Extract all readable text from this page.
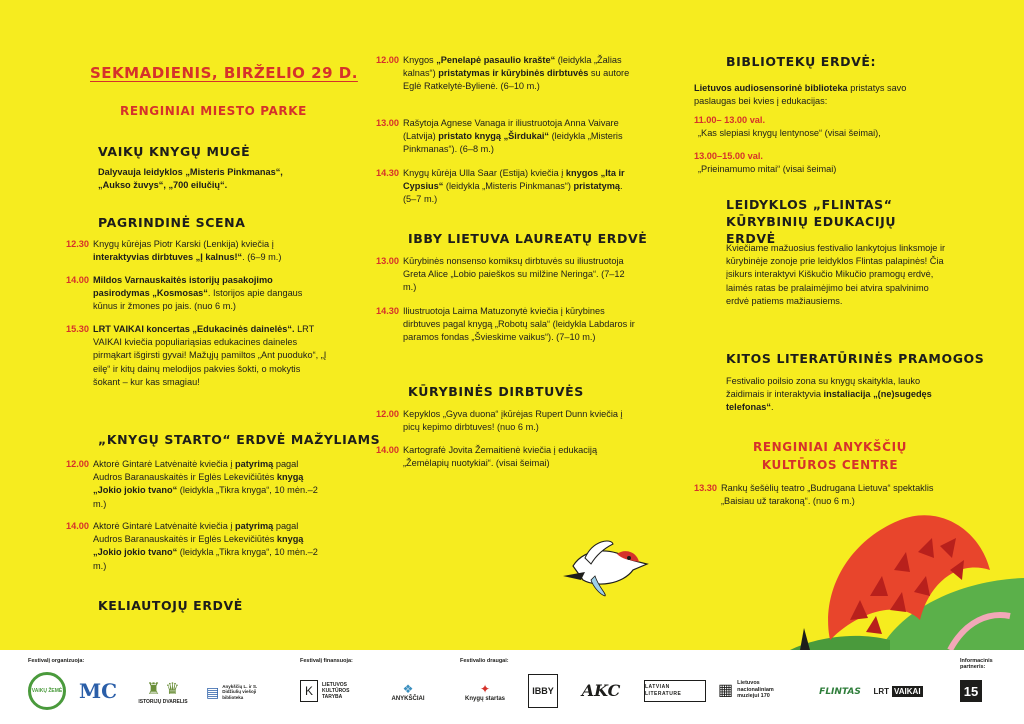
SEKMADIENIS, BIRŽELIO 29 D.
RENGINIAI MIESTO PARKE
VAIKŲ KNYGŲ MUGĖ
Dalyvauja leidyklos „Misteris Pinkmanas“, „Aukso žuvys“, „700 eilučių“.
PAGRINDINĖ SCENA
12.30 Knygų kūrėjas Piotr Karski (Lenkija) kviečia į interaktyvias dirbtuves „Į kalnus!“. (6–9 m.)
14.00 Mildos Varnauskaitės istorijų pasakojimo pasirodymas „Kosmosas“. Istorijos apie dangaus kūnus ir žmones po jais. (nuo 6 m.)
15.30 LRT VAIKAI koncertas „Edukacinės dainelės“. LRT VAIKAI kviečia populiariąsias edukacines daineles pirmąkart išgirsti gyvai! Mažųjų pamiltos „Ant puoduko“, „Į eilę“ ir kitų dainų melodijos pakvies šokti, o mokytis šokant – kur kas smagiau!
„KNYGŲ STARTO“ ERDVĖ MAŽYLIAMS
12.00 Aktorė Gintarė Latvėnaitė kviečia į patyrimą pagal Audros Baranauskaitės ir Eglės Lekevičiūtės knygą „Jokio jokio tvano“ (leidykla „Tikra knyga“, 10 mėn.–2 m.)
14.00 Aktorė Gintarė Latvėnaitė kviečia į patyrimą pagal Audros Baranauskaitės ir Eglės Lekevičiūtės knygą „Jokio jokio tvano“ (leidykla „Tikra knyga“, 10 mėn.–2 m.)
KELIAUTOJŲ ERDVĖ
12.00 Knygos „Penelapė pasaulio krašte“ (leidykla „Žalias kalnas“) pristatymas ir kūrybinės dirbtuvės su autore Eglė Ratkelytė-Bylienė. (6–10 m.)
13.00 Rašytoja Agnese Vanaga ir iliustruotoja Anna Vaivare (Latvija) pristato knygą „Širdukai“ (leidykla „Misteris Pinkmanas“). (6–8 m.)
14.30 Knygų kūrėja Ulla Saar (Estija) kviečia į knygos „Ita ir Cypsius“ (leidykla „Misteris Pinkmanas“) pristatymą. (5–7 m.)
IBBY LIETUVA LAUREATŲ ERDVĖ
13.00 Kūrybinės nonsenso komiksų dirbtuvės su iliustruotoja Greta Alice „Lobio paieškos su milžine Neringa“. (7–12 m.)
14.30 Iliustruotoja Laima Matuzonytė kviečia į kūrybines dirbtuves pagal knygą „Robotų sala“ (leidykla Labdaros ir paramos fondas „Švieskime vaikus“). (7–10 m.)
KŪRYBINĖS DIRBTUVĖS
12.00 Kepyklos „Gyva duona“ įkūrėjas Rupert Dunn kviečia į picų kepimo dirbtuves! (nuo 6 m.)
14.00 Kartografė Jovita Žemaitienė kviečia į edukaciją „Žemėlapių nuotykiai“. (visai šeimai)
BIBLIOTEKŲ ERDVĖ:
Lietuvos audiosensorinė biblioteka pristatys savo paslaugas bei kvies į edukacijas:
11.00– 13.00 val.
„Kas slepiasi knygų lentynose“ (visai šeimai),
13.00–15.00 val.
„Prieinamumo mitai“ (visai šeimai)
LEIDYKLOS „FLINTAS“ KŪRYBINIŲ EDUKACIJŲ ERDVĖ
Kviečiame mažuosius festivalio lankytojus linksmoje ir kūrybinėje zonoje prie leidyklos Flintas palapinės! Čia įsikurs interaktyvi Kiškučio Mikučio pramogų erdvė, laimės ratas be pralaimėjimo bei atvira spalvinimo erdvė patiems mažiausiems.
KITOS LITERATŪRINĖS PRAMOGOS
Festivalio poilsio zona su knygų skaitykla, lauko žaidimais ir interaktyvia instaliacija „(ne)sugedęs telefonas“.
RENGINIAI ANYKŠČIŲ KULTŪROS CENTRE
13.30 Rankų šešėlių teatro „Budrugana Lietuva“ spektaklis „Baisiau už tarakoną“. (nuo 6 m.)
Festivalį organizuoja:	Festivalį finansuoja:	Festivalio draugai:	Informacinis partneris:
VAIKŲ ŽEMĖ MC ♜ ♛
ISTORIJŲ DVARELIS
▤ Anykščių L. ir S. Didžiulių viešoji biblioteka	K	LIETUVOS KULTŪROS TARYBA
❖
ANYKŠČIAI
✦
Knygų startas
IBBY AKC	LATVIAN LITERATURE	▦ Lietuvos nacionaliniam muziejui 170	FLINTAS LRT VAIKAI	15
